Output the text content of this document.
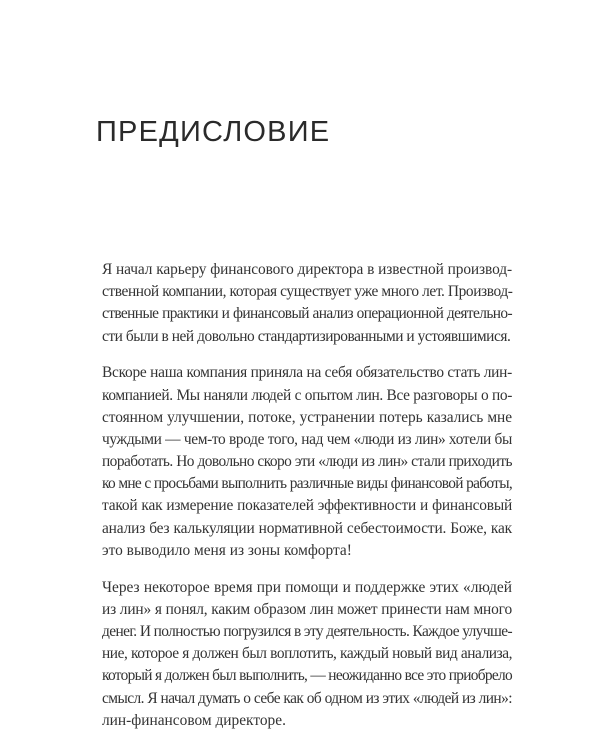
ПРЕДИСЛОВИЕ

Я начал карьеру финансового директора в известной производ-
ственной компании, которая существует уже много лет. Производ-
ственные практики и финансовый анализ операционной деятельно-
сти были в ней довольно стандартизированными и устоявшимися.

Вскоре наша компания приняла на себя обязательство стать лин-
компанией. Мы наняли людей с опытом лин. Все разговоры о по-
стоянном улучшении, потоке, устранении потерь казались мне
чуждыми — чем-то вроде того, над чем «люди из лин» хотели бы
поработать. Но довольно скоро эти «люди из лин» стали приходить
ко мне с просьбами выполнить различные виды финансовой работы,
такой как измерение показателей эффективности и финансовый
анализ без калькуляции нормативной себестоимости. Боже, как
это выводило меня из зоны комфорта!

Через некоторое время при помощи и поддержке этих «людей
из лин» я понял, каким образом лин может принести нам много
денег. И полностью погрузился в эту деятельность. Каждое улучше-
ние, которое я должен был воплотить, каждый новый вид анализа,
который я должен был выполнить, — неожиданно все это приобрело
смысл. Я начал думать о себе как об одном из этих «людей из лин»:
лин-финансовом директоре.
